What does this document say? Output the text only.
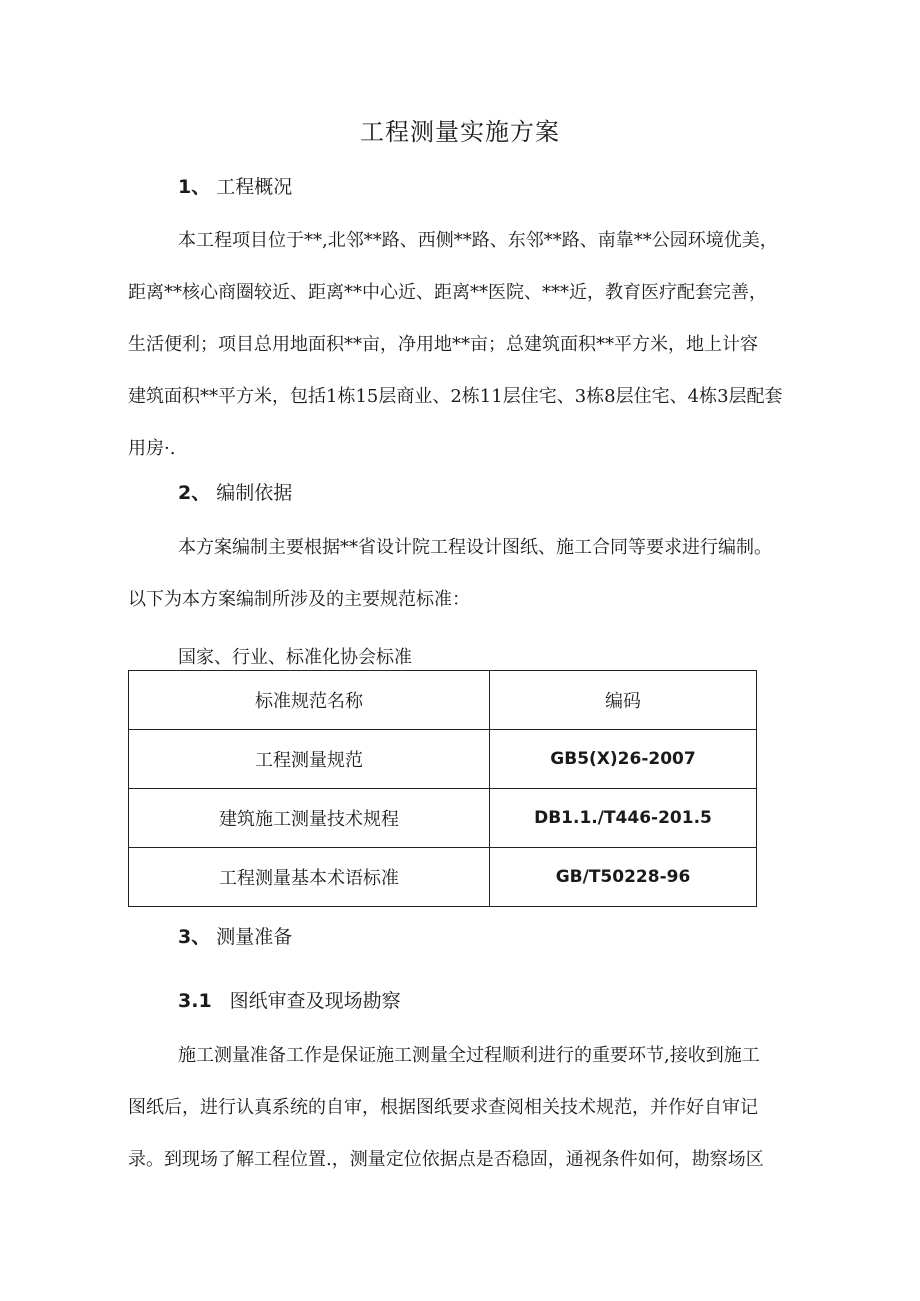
工程测量实施方案
1、 工程概况
本工程项目位于**,北邻**路、西侧**路、东邻**路、南靠**公园环境优美，
距离**核心商圈较近、距离**中心近、距离**医院、***近，教育医疗配套完善，
生活便利；项目总用地面积**亩，净用地**亩；总建筑面积**平方米，地上计容
建筑面积**平方米，包括1栋15层商业、2栋11层住宅、3栋8层住宅、4栋3层配套
用房·.
2、 编制依据
本方案编制主要根据**省设计院工程设计图纸、施工合同等要求进行编制。
以下为本方案编制所涉及的主要规范标准：
国家、行业、标准化协会标准
标准规范名称	编码
工程测量规范	GB5(X)26-2007
建筑施工测量技术规程	DB1.1./T446-201.5
工程测量基本术语标准	GB/T50228-96
3、 测量准备
3.1 图纸审查及现场勘察
施工测量准备工作是保证施工测量全过程顺利进行的重要环节,接收到施工
图纸后，进行认真系统的自审，根据图纸要求查阅相关技术规范，并作好自审记
录。到现场了解工程位置.，测量定位依据点是否稳固，通视条件如何，勘察场区
